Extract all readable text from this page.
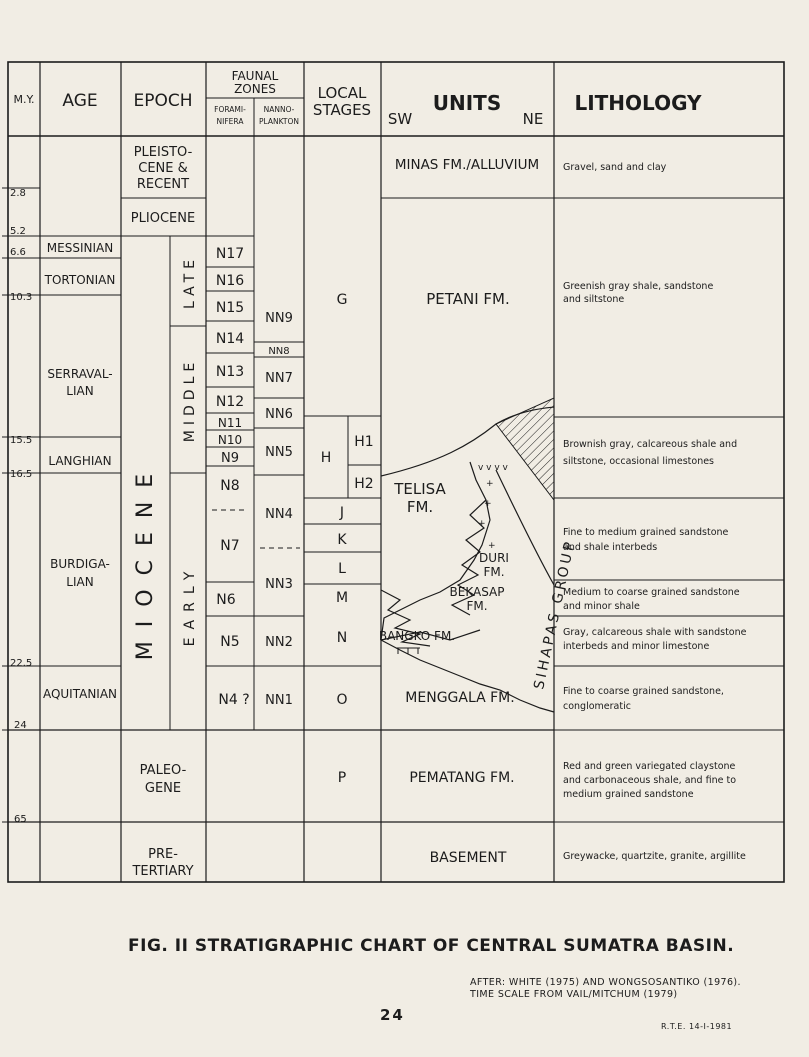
v v v v
+
+
+
+
M.Y. AGE EPOCH
FAUNAL
ZONES
FORAMI-
NIFERA
NANNO-
PLANKTON
LOCAL
STAGES SW
UNITS
NE
LITHOLOGY
2.8
5.2
6.6
10.3
15.5
16.5
22.5
24
65
MESSINIAN
TORTONIAN
SERRAVAL-
LIAN
LANGHIAN
BURDIGA-
LIAN
AQUITANIAN
PLEISTO-
CENE &
RECENT
PLIOCENE
MIOCENE
LATE
MIDDLE
EARLY
PALEO-
GENE
PRE-
TERTIARY
N17
N16
N15
N14
N13
N12
N11
N10
N9
N8
N7
N6
N5
N4 ?
NN9
NN8
NN7
NN6
NN5
NN4
NN3
NN2
NN1
G
H
H1
H2
J
K
L
M
N
O
P
MINAS FM./ALLUVIUM
PETANI FM.
TELISA
FM.
DURI
FM.
BEKASAP
FM.
BANGKO FM.
MENGGALA FM.
SIHAPAS GROUP
PEMATANG FM.
BASEMENT
Gravel, sand and clay
Greenish gray shale, sandstone
and siltstone
Brownish gray, calcareous shale and
siltstone, occasional limestones
Fine to medium grained sandstone
and shale interbeds
Medium to coarse grained sandstone
and minor shale
Gray, calcareous shale with sandstone
interbeds and minor limestone
Fine to coarse grained sandstone,
conglomeratic
Red and green variegated claystone
and carbonaceous shale, and fine to
medium grained sandstone
Greywacke, quartzite, granite, argillite
FIG. II STRATIGRAPHIC CHART OF CENTRAL SUMATRA BASIN.
AFTER: WHITE (1975) AND WONGSOSANTIKO (1976).
TIME SCALE FROM VAIL/MITCHUM (1979)
24
R.T.E. 14-I-1981
